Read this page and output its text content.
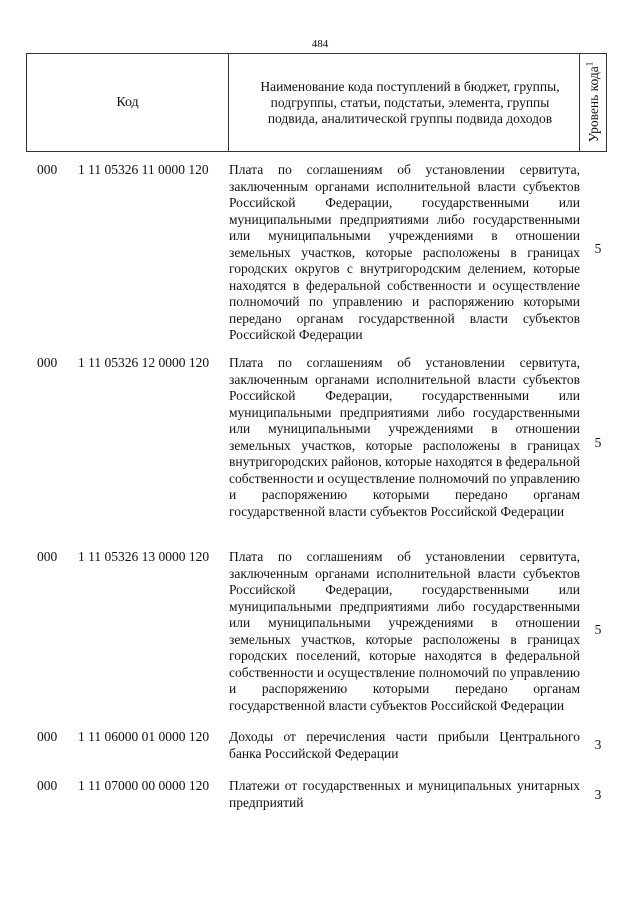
484
Код
Наименование кода поступлений в бюджет, группы, подгруппы, статьи, подстатьи, элемента, группы подвида, аналитической группы подвида доходов	Уровень кода$^1$
000 1 11 05326 11 0000 120 Плата по соглашениям об установлении сервитута, заключенным органами исполнительной власти субъектов Российской Федерации, государственными или муниципальными предприятиями либо государственными или муниципальными учреждениями в отношении земельных участков, которые расположены в границах городских округов с внутригородским делением, которые находятся в федеральной собственности и осуществление полномочий по управлению и распоряжению которыми передано органам государственной власти субъектов Российской Федерации
5
000 1 11 05326 12 0000 120 Плата по соглашениям об установлении сервитута, заключенным органами исполнительной власти субъектов Российской Федерации, государственными или муниципальными предприятиями либо государственными или муниципальными учреждениями в отношении земельных участков, которые расположены в границах внутригородских районов, которые находятся в федеральной собственности и осуществление полномочий по управлению и распоряжению которыми передано органам государственной власти субъектов Российской Федерации
5
000 1 11 05326 13 0000 120 Плата по соглашениям об установлении сервитута, заключенным органами исполнительной власти субъектов Российской Федерации, государственными или муниципальными предприятиями либо государственными или муниципальными учреждениями в отношении земельных участков, которые расположены в границах городских поселений, которые находятся в федеральной собственности и осуществление полномочий по управлению и распоряжению которыми передано органам государственной власти субъектов Российской Федерации
5
000 1 11 06000 01 0000 120 Доходы от перечисления части прибыли Центрального банка Российской Федерации
3
000 1 11 07000 00 0000 120 Платежи от государственных и муниципальных унитарных предприятий	3
